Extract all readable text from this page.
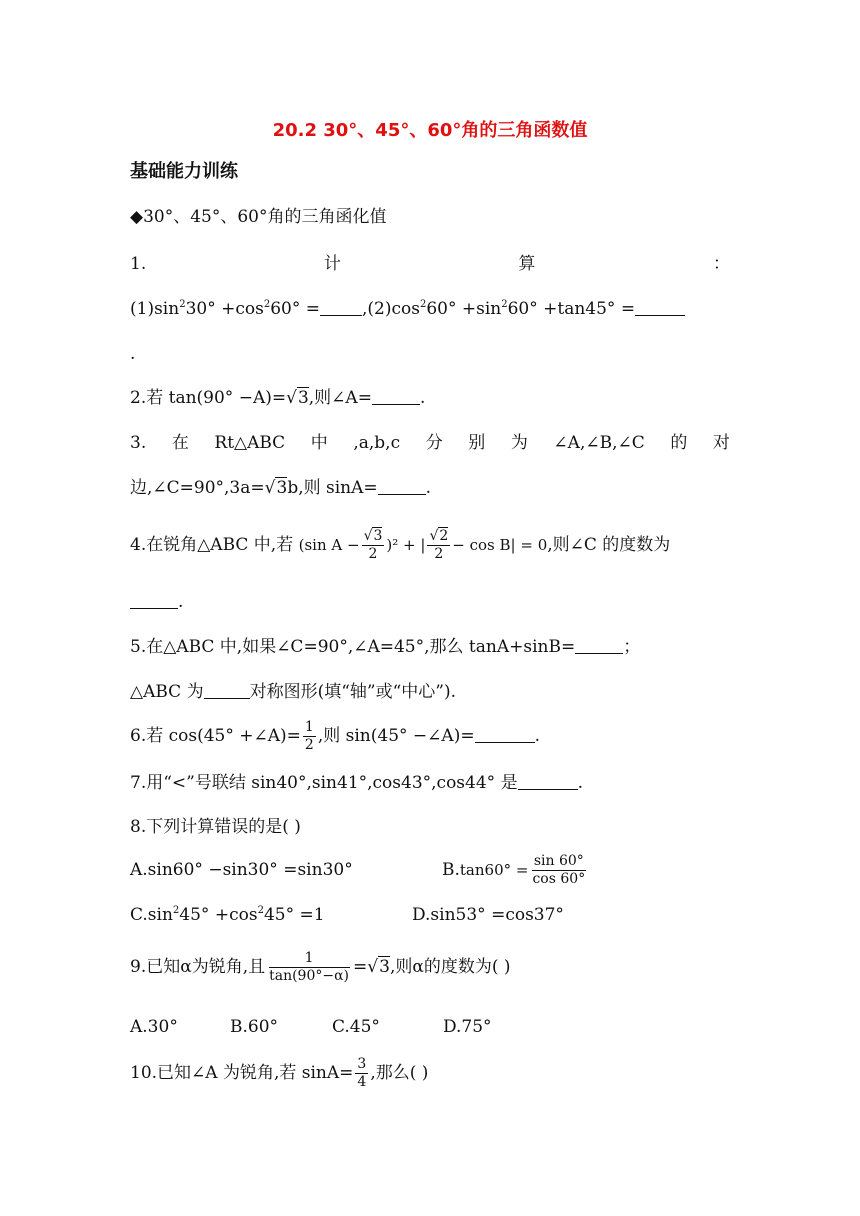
20.2 30°、45°、60°角的三角函数值
基础能力训练
◆30°、45°、60°角的三角函化值
1.	计	算	：
$(1)\sin^230^\circ +\cos^260^\circ = ,(2)\cos^260^\circ +\sin^260^\circ +\tan 45^\circ$ =
.
2.若 tan(90° −A)=√3,则∠A=	.
3. 在 Rt△ABC 中 ,a,b,c 分 别 为 ∠A,∠B,∠C 的 对
边,∠C=90°,3a=√3b,则 sinA=	.
4.在锐角△ABC 中,若 (sin $A - \frac{√3}{2} )^2$ + | $\frac{√2}{2} - \cos B| = 0$,则∠C 的度数为
.
5.在△ABC 中,如果∠C=90°,∠A=45°,那么 tanA+sinB=	；
△ABC 为	对称图形(填“轴”或“中心”).
6.若 cos(45° +∠A)= $\frac{1}{2}$ ,则 sin(45° −∠A)=	.
7.用“<”号联结 sin40°,sin41°,cos43°,cos44° 是	.
8.下列计算错误的是( )
A.sin60° −sin30° =sin30°	$B.\tan 60^\circ = \frac{\sin 60^\circ}{\cos 60^\circ}$
$C.\sin^245^\circ +\cos^245^\circ =1$	D.sin53° =cos37°
9.已知α为锐角,且 $\frac{1}{\tan(90^\circ-\alpha)} =√3$,则α的度数为( )
A.30°	B.60°	C.45°	D.75°
10.已知∠A 为锐角,若 $\sin A= \frac{3}{4}$ ,那么( )
